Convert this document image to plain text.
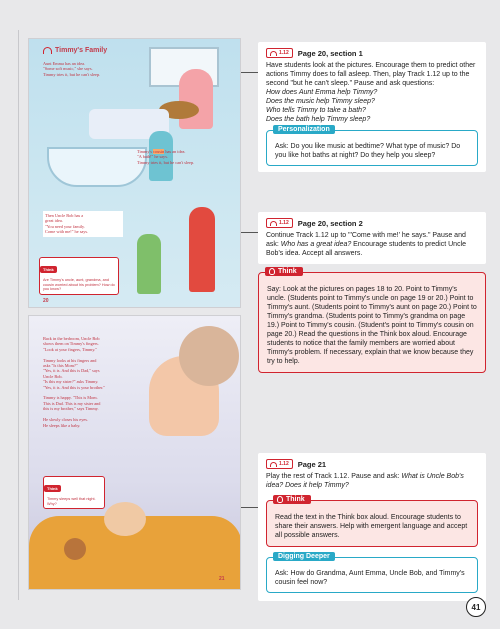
Timmy's Family
Aunt Emma has an idea.
"Some soft music," she says.
Timmy tries it, but he can't sleep.
Timmy's cousin has an idea.
"A bath!" he says.
Timmy tries it, but he can't sleep.
Then Uncle Bob has a
great idea.
"You need your family.
Come with me!" he says.
Think
Are Timmy's uncle, aunt, grandma, and cousin worried about his problem? How do you know?
20
Back in the bedroom, Uncle Bob
shows them on Timmy's fingers.
"Look at your fingers, Timmy."

Timmy looks at his fingers and
asks "Is this Mom?"
"Yes, it is. And this is Dad," says
Uncle Bob.
"Is this my sister?" asks Timmy.
"Yes, it is. And this is your brother."

Timmy is happy. "This is Mom.
This is Dad. This is my sister and
this is my brother," says Timmy.

He slowly closes his eyes.
He sleeps like a baby.
Think
Timmy sleeps well that night. Why?
21
1.12 Page 20, section 1
Have students look at the pictures. Encourage them to predict other actions Timmy does to fall asleep. Then, play Track 1.12 up to the second "but he can't sleep." Pause and ask questions:
How does Aunt Emma help Timmy?
Does the music help Timmy sleep?
Who tells Timmy to take a bath?
Does the bath help Timmy sleep?
Personalization
Ask: Do you like music at bedtime? What type of music? Do you like hot baths at night? Do they help you sleep?
1.12 Page 20, section 2
Continue Track 1.12 up to "'Come with me!' he says." Pause and ask: Who has a great idea? Encourage students to predict Uncle Bob's idea. Accept all answers.
Think
Say: Look at the pictures on pages 18 to 20. Point to Timmy's uncle. (Students point to Timmy's uncle on page 19 or 20.) Point to Timmy's aunt. (Students point to Timmy's aunt on page 20.) Point to Timmy's grandma. (Students point to Timmy's grandma on page 19.) Point to Timmy's cousin. (Student's point to Timmy's cousin on page 20.) Read the questions in the Think box aloud. Encourage students to notice that the family members are worried about Timmy's problem. If necessary, explain that we know because they try to help.
1.12 Page 21
Play the rest of Track 1.12. Pause and ask: What is Uncle Bob's idea? Does it help Timmy?
Think
Read the text in the Think box aloud. Encourage students to share their answers. Help with emergent language and accept all possible answers.
Digging Deeper
Ask: How do Grandma, Aunt Emma, Uncle Bob, and Timmy's cousin feel now?
41
